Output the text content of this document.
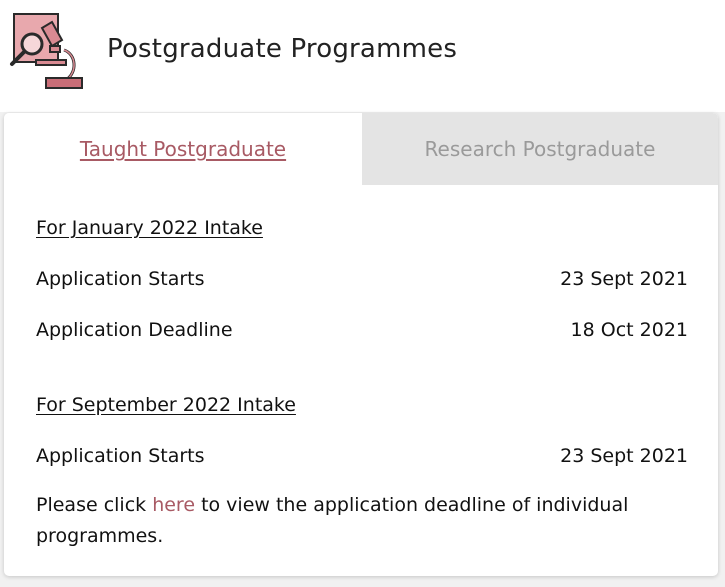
Postgraduate Programmes
Taught Postgraduate	Research Postgraduate
For January 2022 Intake
Application Starts	23 Sept 2021
Application Deadline	18 Oct 2021
For September 2022 Intake
Application Starts	23 Sept 2021
Please click here to view the application deadline of individual programmes.
